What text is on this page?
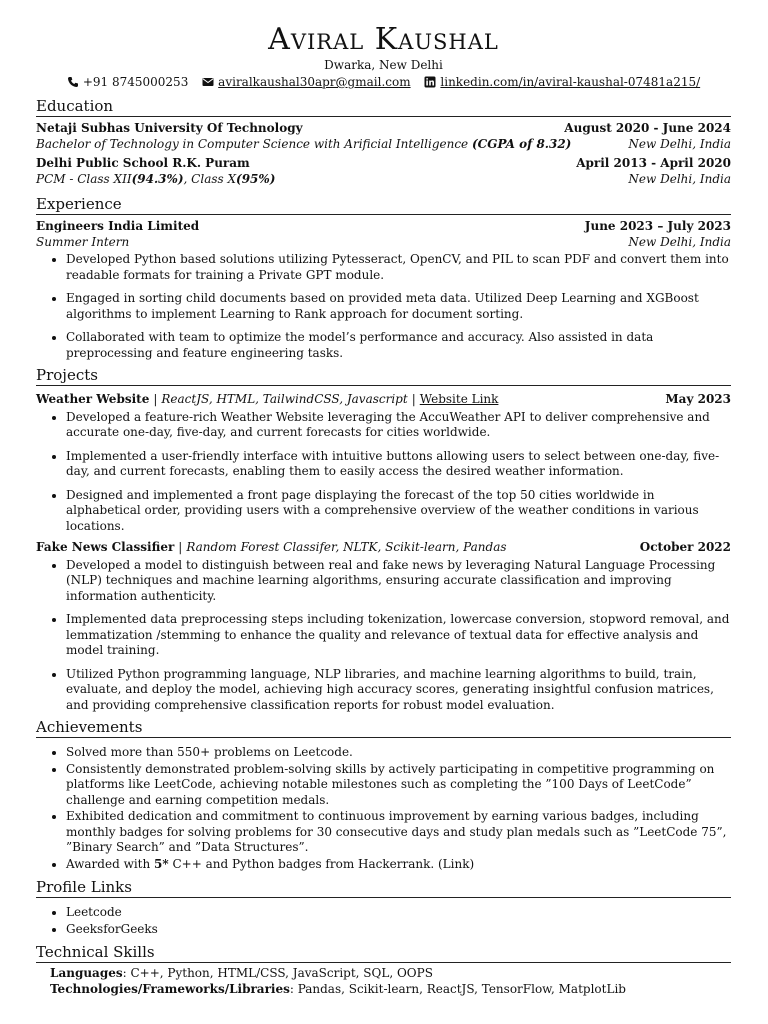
Aviral Kaushal
Dwarka, New Delhi
+91 8745000253
aviralkaushal30apr@gmail.com
linkedin.com/in/aviral-kaushal-07481a215/
Education
Netaji Subhas University Of Technology	August 2020 - June 2024
Bachelor of Technology in Computer Science with Arificial Intelligence (CGPA of 8.32)	New Delhi, India
Delhi Public School R.K. Puram	April 2013 - April 2020
PCM - Class XII(94.3%), Class X(95%)	New Delhi, India
Experience
Engineers India Limited	June 2023 – July 2023
Summer Intern	New Delhi, India
• Developed Python based solutions utilizing Pytesseract, OpenCV, and PIL to scan PDF and convert them into readable formats for training a Private GPT module.
• Engaged in sorting child documents based on provided meta data. Utilized Deep Learning and XGBoost algorithms to implement Learning to Rank approach for document sorting.
• Collaborated with team to optimize the model’s performance and accuracy. Also assisted in data preprocessing and feature engineering tasks.
Projects
Weather Website | ReactJS, HTML, TailwindCSS, Javascript | Website Link	May 2023
• Developed a feature-rich Weather Website leveraging the AccuWeather API to deliver comprehensive and accurate one-day, five-day, and current forecasts for cities worldwide.
• Implemented a user-friendly interface with intuitive buttons allowing users to select between one-day, five-day, and current forecasts, enabling them to easily access the desired weather information.
• Designed and implemented a front page displaying the forecast of the top 50 cities worldwide in alphabetical order, providing users with a comprehensive overview of the weather conditions in various locations.
Fake News Classifier | Random Forest Classifer, NLTK, Scikit-learn, Pandas	October 2022
• Developed a model to distinguish between real and fake news by leveraging Natural Language Processing (NLP) techniques and machine learning algorithms, ensuring accurate classification and improving information authenticity.
• Implemented data preprocessing steps including tokenization, lowercase conversion, stopword removal, and lemmatization /stemming to enhance the quality and relevance of textual data for effective analysis and model training.
• Utilized Python programming language, NLP libraries, and machine learning algorithms to build, train, evaluate, and deploy the model, achieving high accuracy scores, generating insightful confusion matrices, and providing comprehensive classification reports for robust model evaluation.
Achievements
• Solved more than 550+ problems on Leetcode.
• Consistently demonstrated problem-solving skills by actively participating in competitive programming on platforms like LeetCode, achieving notable milestones such as completing the ”100 Days of LeetCode” challenge and earning competition medals.
• Exhibited dedication and commitment to continuous improvement by earning various badges, including monthly badges for solving problems for 30 consecutive days and study plan medals such as ”LeetCode 75”, ”Binary Search” and ”Data Structures”.
• Awarded with 5* C++ and Python badges from Hackerrank. (Link)
Profile Links
• Leetcode
• GeeksforGeeks
Technical Skills
Languages: C++, Python, HTML/CSS, JavaScript, SQL, OOPS
Technologies/Frameworks/Libraries: Pandas, Scikit-learn, ReactJS, TensorFlow, MatplotLib
